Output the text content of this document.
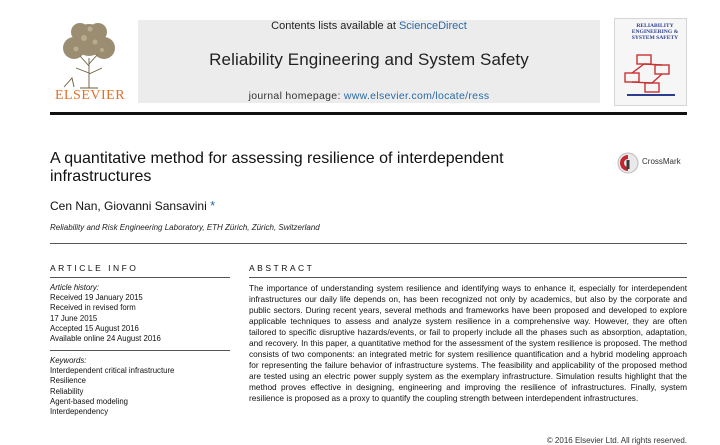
ELSEVIER
Contents lists available at ScienceDirect
Reliability Engineering and System Safety
journal homepage: www.elsevier.com/locate/ress
RELIABILITY ENGINEERING & SYSTEM SAFETY
A quantitative method for assessing resilience of interdependent infrastructures
CrossMark
Cen Nan, Giovanni Sansavini *
Reliability and Risk Engineering Laboratory, ETH Zürich, Zürich, Switzerland
ARTICLE INFO
Article history:
Received 19 January 2015
Received in revised form
17 June 2015
Accepted 15 August 2016
Available online 24 August 2016
Keywords:
Interdependent critical infrastructure
Resilience
Reliability
Agent-based modeling
Interdependency
ABSTRACT
The importance of understanding system resilience and identifying ways to enhance it, especially for interdependent infrastructures our daily life depends on, has been recognized not only by academics, but also by the corporate and public sectors. During recent years, several methods and frameworks have been proposed and developed to explore applicable techniques to assess and analyze system resilience in a comprehensive way. However, they are often tailored to specific disruptive hazards/events, or fail to properly include all the phases such as absorption, adaptation, and recovery. In this paper, a quantitative method for the assessment of the system resilience is proposed. The method consists of two components: an integrated metric for system resilience quantification and a hybrid modeling approach for representing the failure behavior of infrastructure systems. The feasibility and applicability of the proposed method are tested using an electric power supply system as the exemplary infrastructure. Simulation results highlight that the method proves effective in designing, engineering and improving the resilience of infrastructures. Finally, system resilience is proposed as a proxy to quantify the coupling strength between interdependent infrastructures.
© 2016 Elsevier Ltd. All rights reserved.
